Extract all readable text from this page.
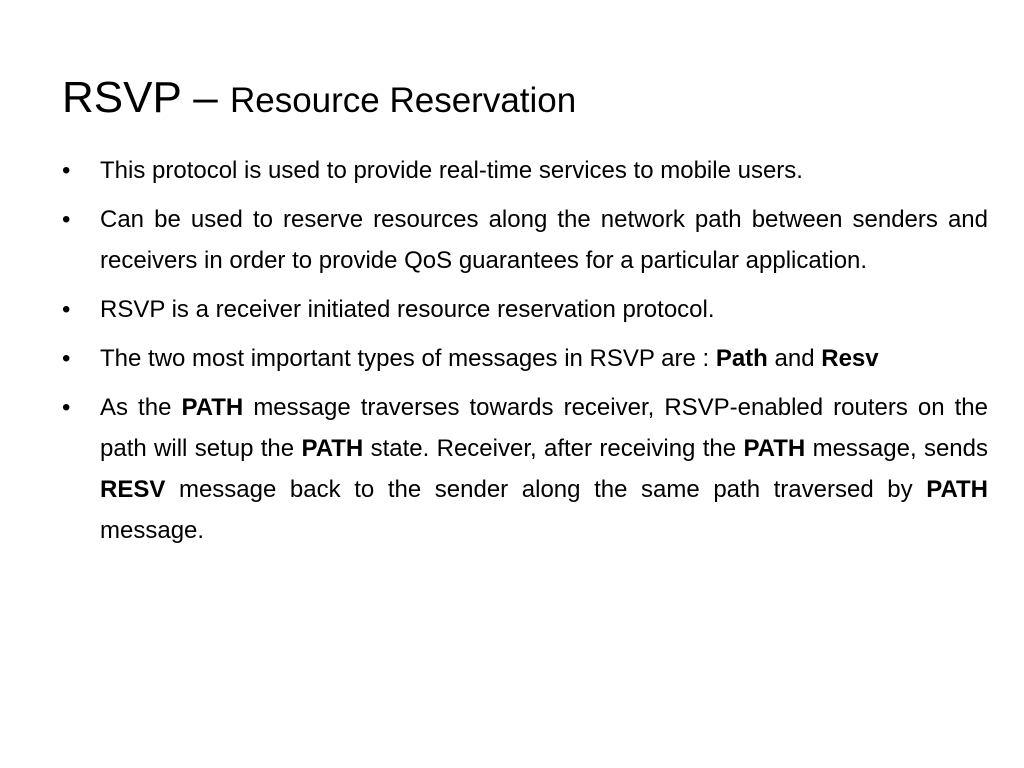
RSVP – Resource Reservation
•	This protocol is used to provide real-time services to mobile users.
•	Can be used to reserve resources along the network path between senders and receivers in order to provide QoS guarantees for a particular application.
•	RSVP is a receiver initiated resource reservation protocol.
•	The two most important types of messages in RSVP are : Path and Resv
•	As the PATH message traverses towards receiver, RSVP-enabled routers on the path will setup the PATH state. Receiver, after receiving the PATH message, sends RESV message back to the sender along the same path traversed by PATH message.
